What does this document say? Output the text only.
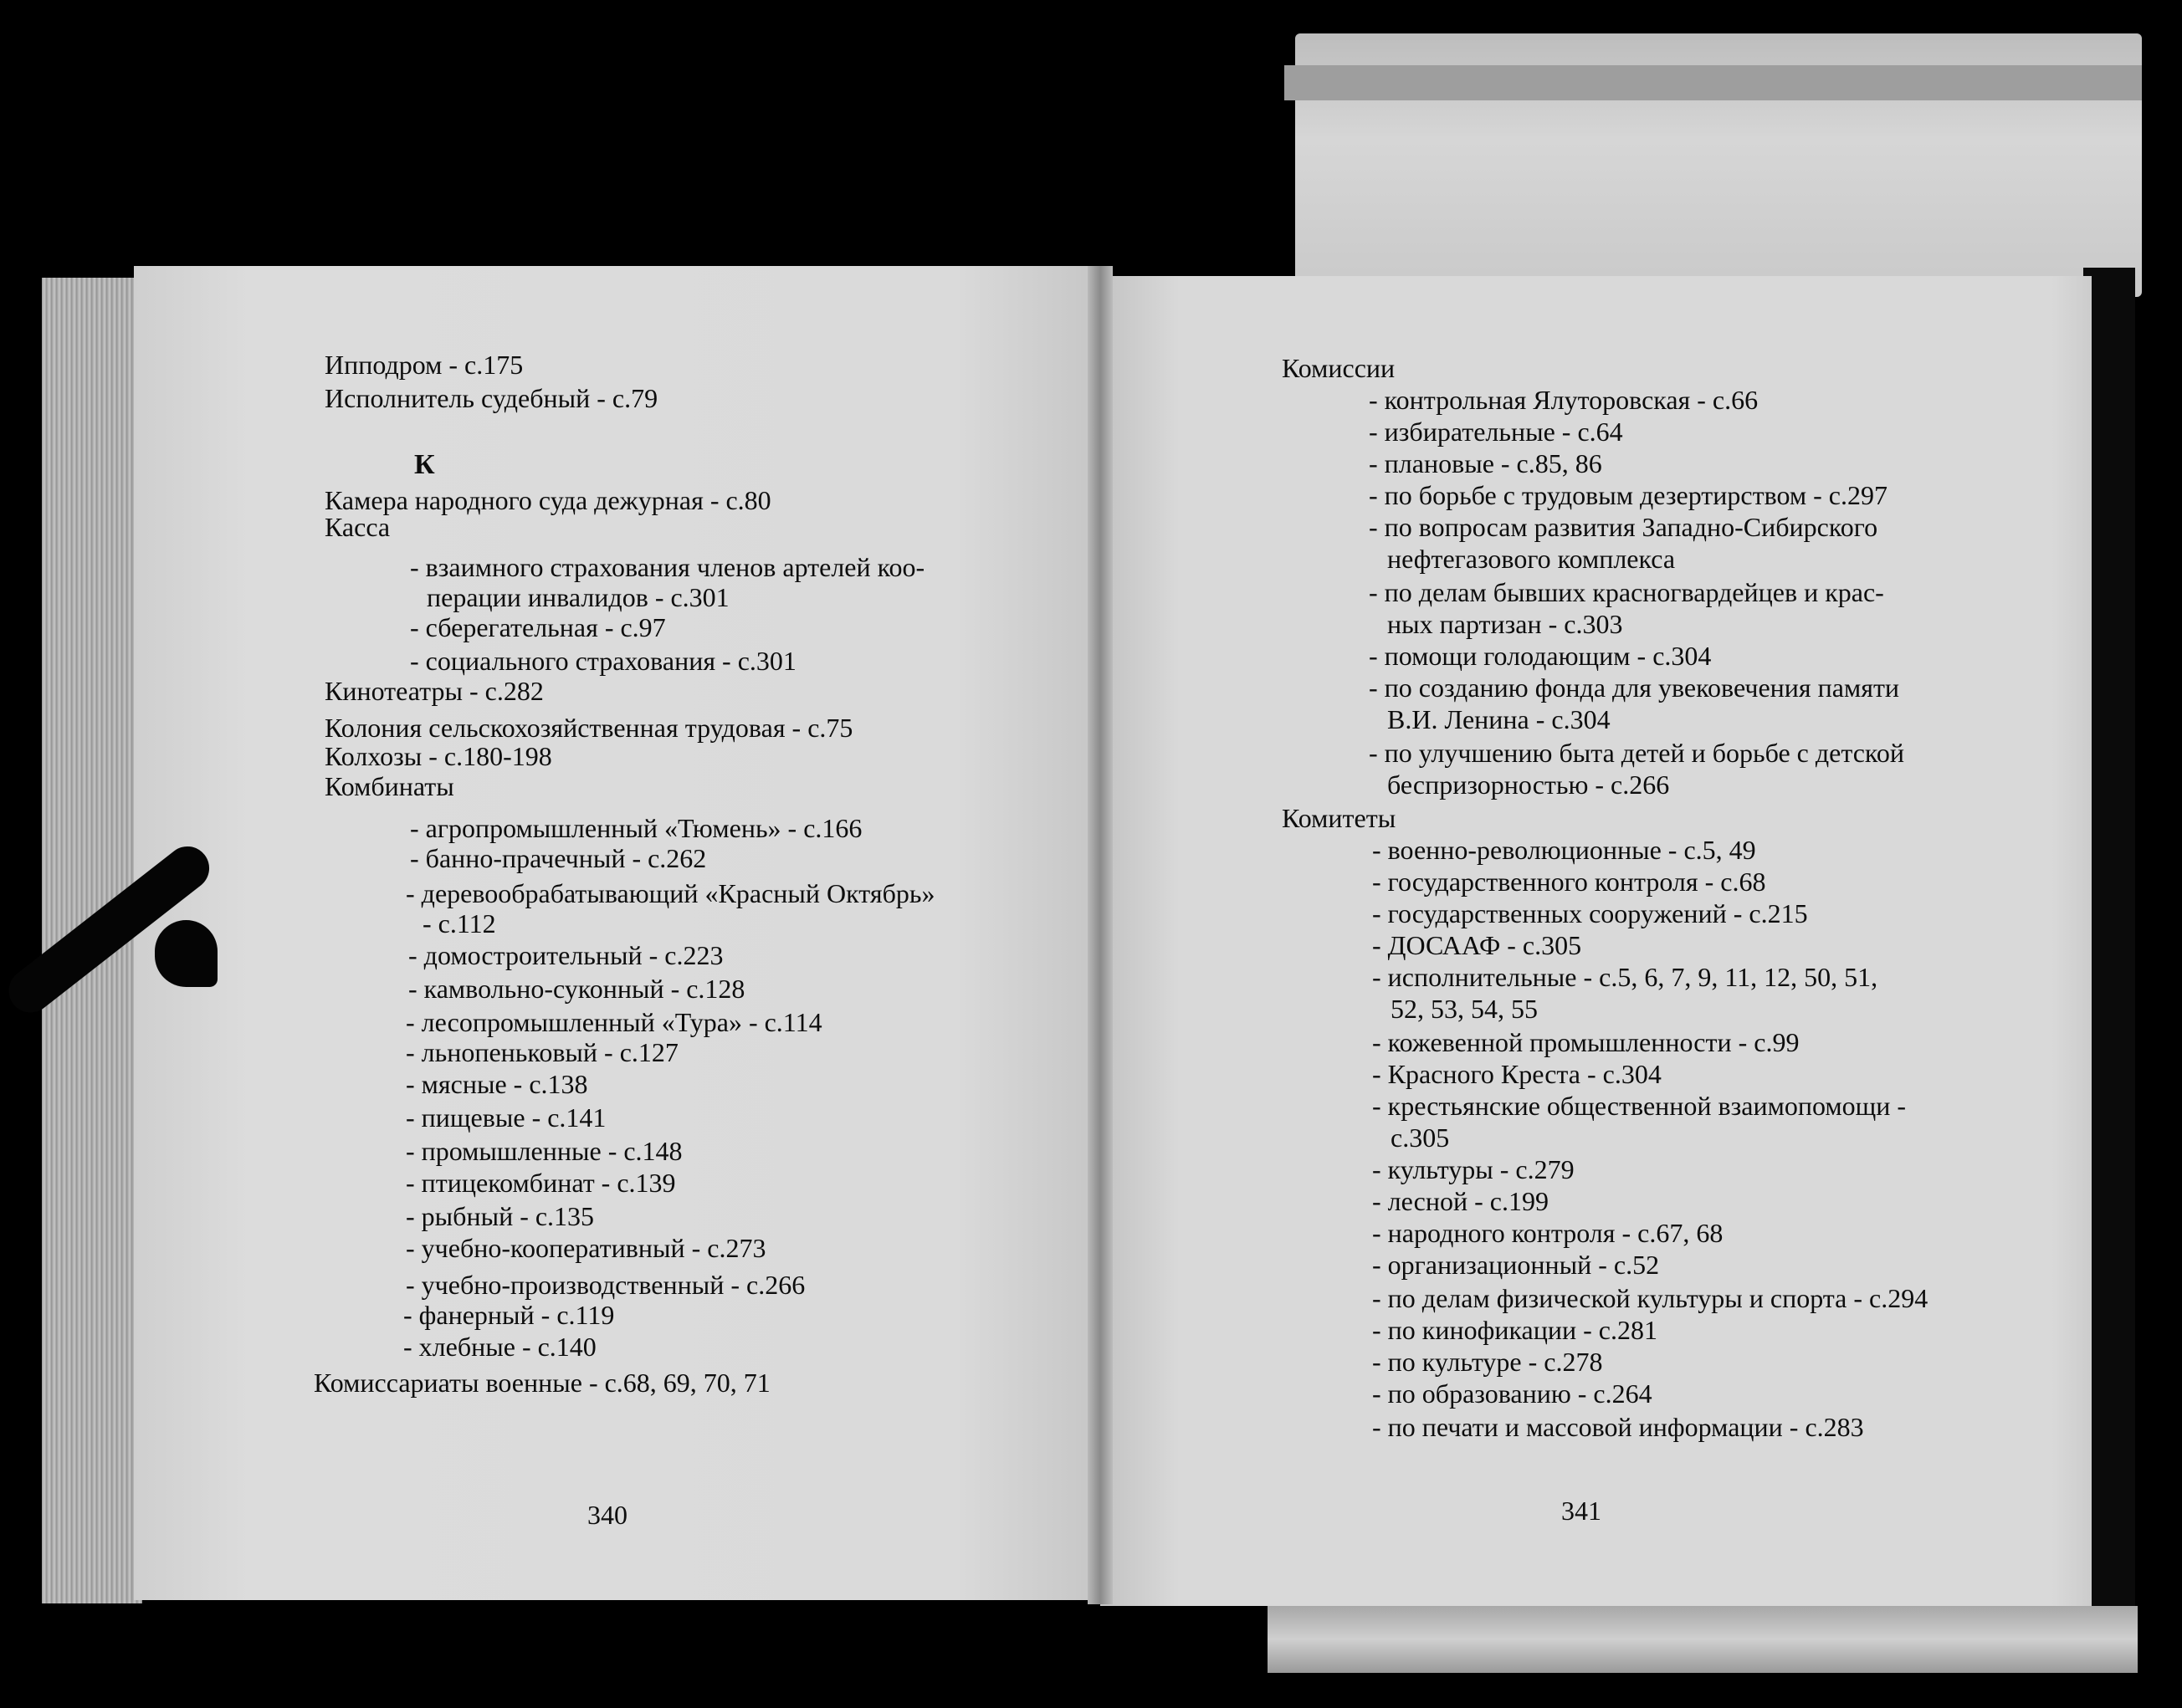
Ипподром - с.175
Исполнитель судебный - с.79
К
Камера народного суда дежурная - с.80
Касса
- взаимного страхования членов артелей коо-
перации инвалидов - с.301
- сберегательная - с.97
- социального страхования - с.301
Кинотеатры - с.282
Колония сельскохозяйственная трудовая - с.75
Колхозы - с.180-198
Комбинаты
- агропромышленный «Тюмень» - с.166
- банно-прачечный - с.262
- деревообрабатывающий «Красный Октябрь»
- с.112
- домостроительный - с.223
- камвольно-суконный - с.128
- лесопромышленный «Тура» - с.114
- льнопеньковый - с.127
- мясные - с.138
- пищевые - с.141
- промышленные - с.148
- птицекомбинат - с.139
- рыбный - с.135
- учебно-кооперативный - с.273
- учебно-производственный - с.266
- фанерный - с.119
- хлебные - с.140
Комиссариаты военные - с.68, 69, 70, 71
340
Комиссии
- контрольная Ялуторовская - с.66
- избирательные - с.64
- плановые - с.85, 86
- по борьбе с трудовым дезертирством - с.297
- по вопросам развития Западно-Сибирского
нефтегазового комплекса
- по делам бывших красногвардейцев и крас-
ных партизан - с.303
- помощи голодающим - с.304
- по созданию фонда для увековечения памяти
В.И. Ленина - с.304
- по улучшению быта детей и борьбе с детской
беспризорностью - с.266
Комитеты
- военно-революционные - с.5, 49
- государственного контроля - с.68
- государственных сооружений - с.215
- ДОСААФ - с.305
- исполнительные - с.5, 6, 7, 9, 11, 12, 50, 51,
52, 53, 54, 55
- кожевенной промышленности - с.99
- Красного Креста - с.304
- крестьянские общественной взаимопомощи -
с.305
- культуры - с.279
- лесной - с.199
- народного контроля - с.67, 68
- организационный - с.52
- по делам физической культуры и спорта - с.294
- по кинофикации - с.281
- по культуре - с.278
- по образованию - с.264
- по печати и массовой информации - с.283
341
